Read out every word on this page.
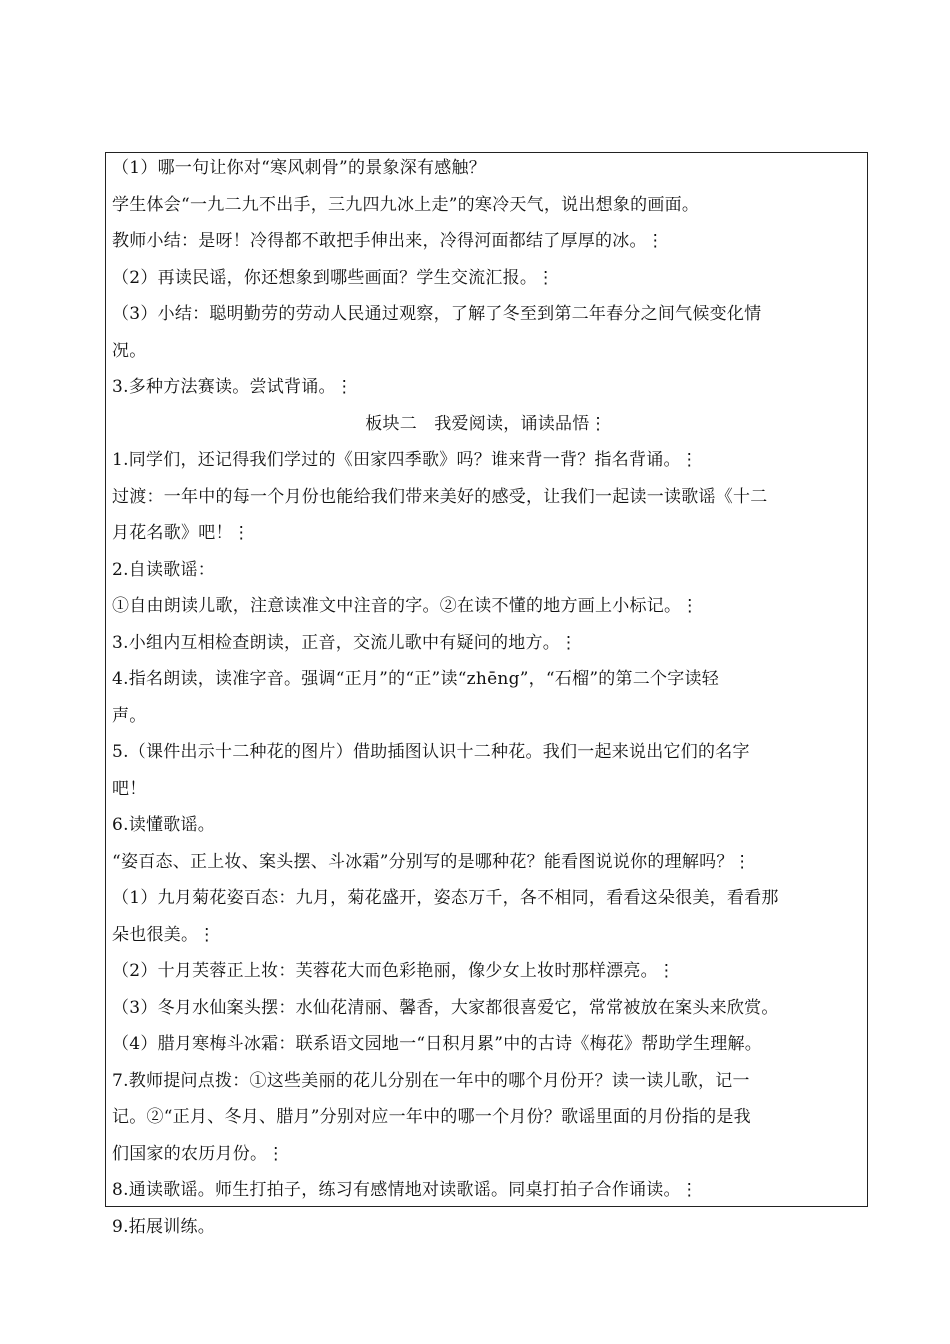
（1）哪一句让你对“寒风刺骨”的景象深有感触？
学生体会“一九二九不出手，三九四九冰上走”的寒冷天气，说出想象的画面。
教师小结：是呀！冷得都不敢把手伸出来，冷得河面都结了厚厚的冰。⋮
（2）再读民谣，你还想象到哪些画面？学生交流汇报。⋮
（3）小结：聪明勤劳的劳动人民通过观察，了解了冬至到第二年春分之间气候变化情
况。
3.多种方法赛读。尝试背诵。⋮
板块二　我爱阅读，诵读品悟⋮
1.同学们，还记得我们学过的《田家四季歌》吗？谁来背一背？指名背诵。⋮
过渡：一年中的每一个月份也能给我们带来美好的感受，让我们一起读一读歌谣《十二
月花名歌》吧！⋮
2.自读歌谣：
①自由朗读儿歌，注意读准文中注音的字。②在读不懂的地方画上小标记。⋮
3.小组内互相检查朗读，正音，交流儿歌中有疑问的地方。⋮
4.指名朗读，读准字音。强调“正月”的“正”读“zhēng”，“石榴”的第二个字读轻
声。
5.（课件出示十二种花的图片）借助插图认识十二种花。我们一起来说出它们的名字
吧！
6.读懂歌谣。
“姿百态、正上妆、案头摆、斗冰霜”分别写的是哪种花？能看图说说你的理解吗？⋮
（1）九月菊花姿百态：九月，菊花盛开，姿态万千，各不相同，看看这朵很美，看看那
朵也很美。⋮
（2）十月芙蓉正上妆：芙蓉花大而色彩艳丽，像少女上妆时那样漂亮。⋮
（3）冬月水仙案头摆：水仙花清丽、馨香，大家都很喜爱它，常常被放在案头来欣赏。
（4）腊月寒梅斗冰霜：联系语文园地一“日积月累”中的古诗《梅花》帮助学生理解。
7.教师提问点拨：①这些美丽的花儿分别在一年中的哪个月份开？读一读儿歌，记一
记。②“正月、冬月、腊月”分别对应一年中的哪一个月份？歌谣里面的月份指的是我
们国家的农历月份。⋮
8.通读歌谣。师生打拍子，练习有感情地对读歌谣。同桌打拍子合作诵读。⋮
9.拓展训练。
